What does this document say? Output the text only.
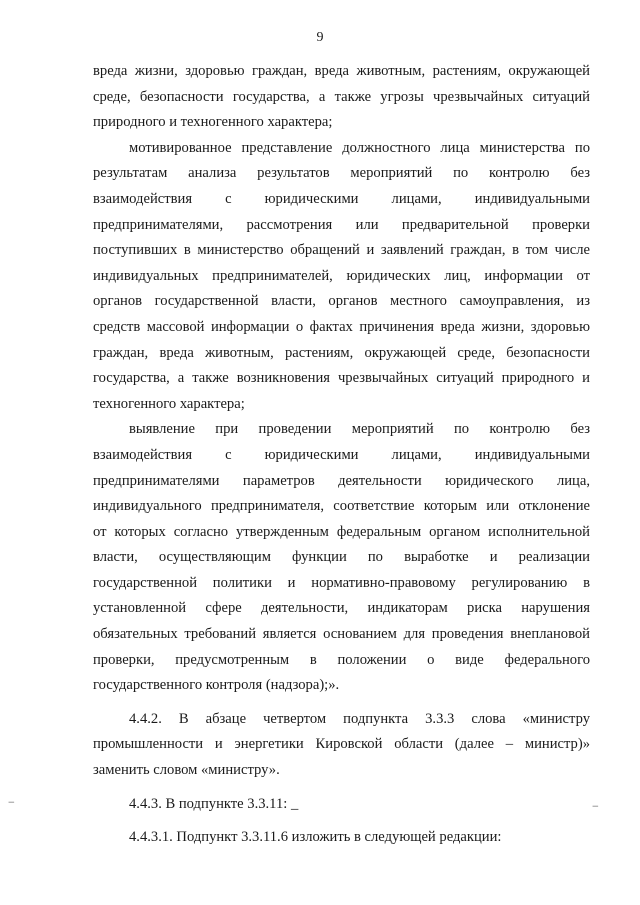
9
вреда жизни, здоровью граждан, вреда животным, растениям, окружающей
среде, безопасности государства, а также угрозы чрезвычайных ситуаций
природного и техногенного характера;
мотивированное представление должностного лица министерства по
результатам анализа результатов мероприятий по контролю без
взаимодействия с юридическими лицами, индивидуальными
предпринимателями, рассмотрения или предварительной проверки
поступивших в министерство обращений и заявлений граждан, в том числе
индивидуальных предпринимателей, юридических лиц, информации от
органов государственной власти, органов местного самоуправления, из
средств массовой информации о фактах причинения вреда жизни, здоровью
граждан, вреда животным, растениям, окружающей среде, безопасности
государства, а также возникновения чрезвычайных ситуаций природного и
техногенного характера;
выявление при проведении мероприятий по контролю без
взаимодействия с юридическими лицами, индивидуальными
предпринимателями параметров деятельности юридического лица,
индивидуального предпринимателя, соответствие которым или отклонение
от которых согласно утвержденным федеральным органом исполнительной
власти, осуществляющим функции по выработке и реализации
государственной политики и нормативно-правовому регулированию в
установленной сфере деятельности, индикаторам риска нарушения
обязательных требований является основанием для проведения внеплановой
проверки, предусмотренным в положении о виде федерального
государственного контроля (надзора);».
4.4.2. В абзаце четвертом подпункта 3.3.3 слова «министру
промышленности и энергетики Кировской области (далее – министр)»
заменить словом «министру».
4.4.3. В подпункте 3.3.11: _
4.4.3.1. Подпункт 3.3.11.6 изложить в следующей редакции:
−	−
